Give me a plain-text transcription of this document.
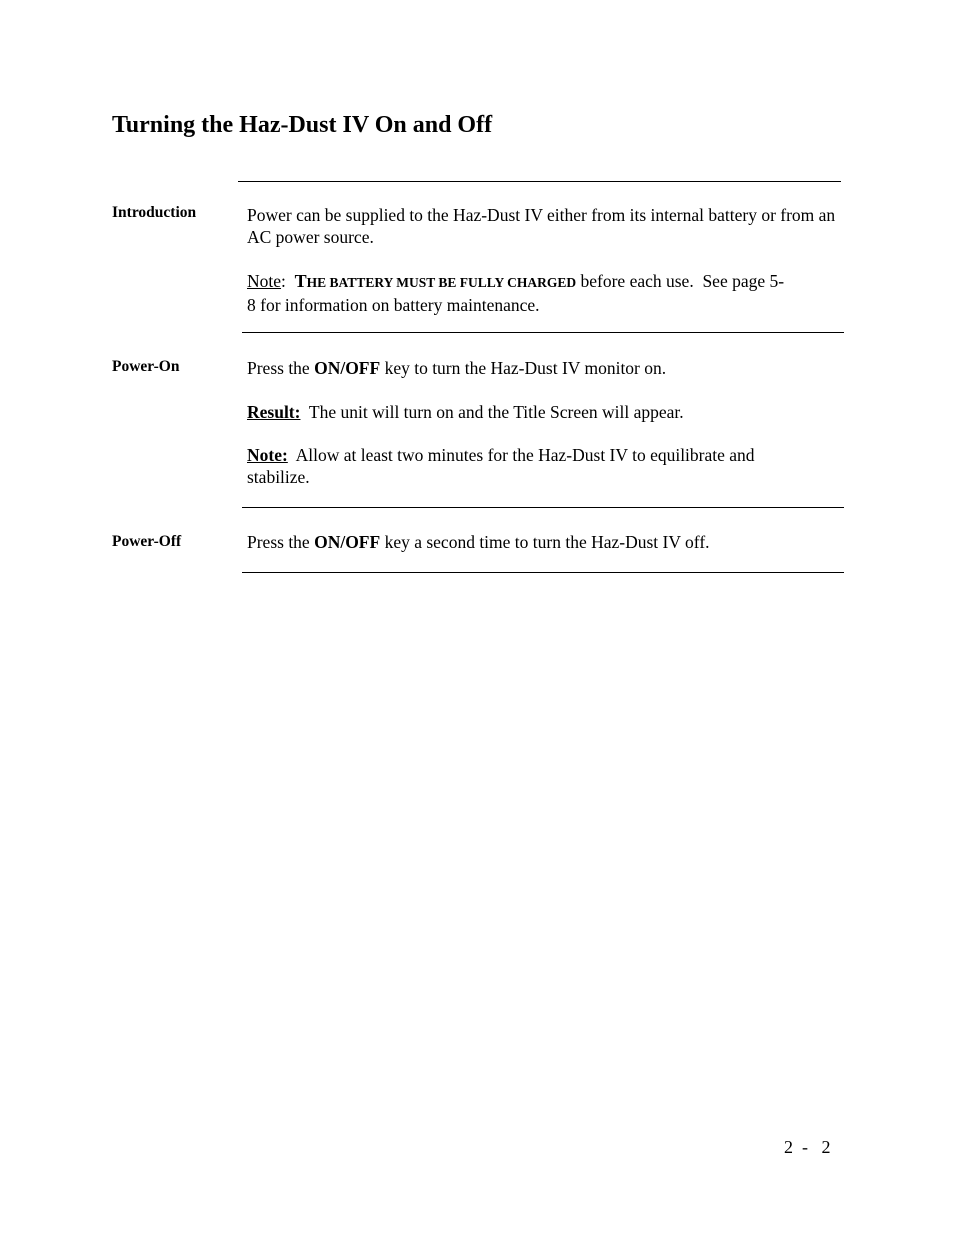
Turning the Haz-Dust IV On and Off
Introduction	Power can be supplied to the Haz-Dust IV either from its internal battery or from an AC power source.

Note:  THE BATTERY MUST BE FULLY CHARGED before each use.  See page 5-
8 for information on battery maintenance.

Power-On	Press the ON/OFF key to turn the Haz-Dust IV monitor on.

Result:  The unit will turn on and the Title Screen will appear.

Note:  Allow at least two minutes for the Haz-Dust IV to equilibrate and stabilize.

Power-Off	Press the ON/OFF key a second time to turn the Haz-Dust IV off.

2  -   2
